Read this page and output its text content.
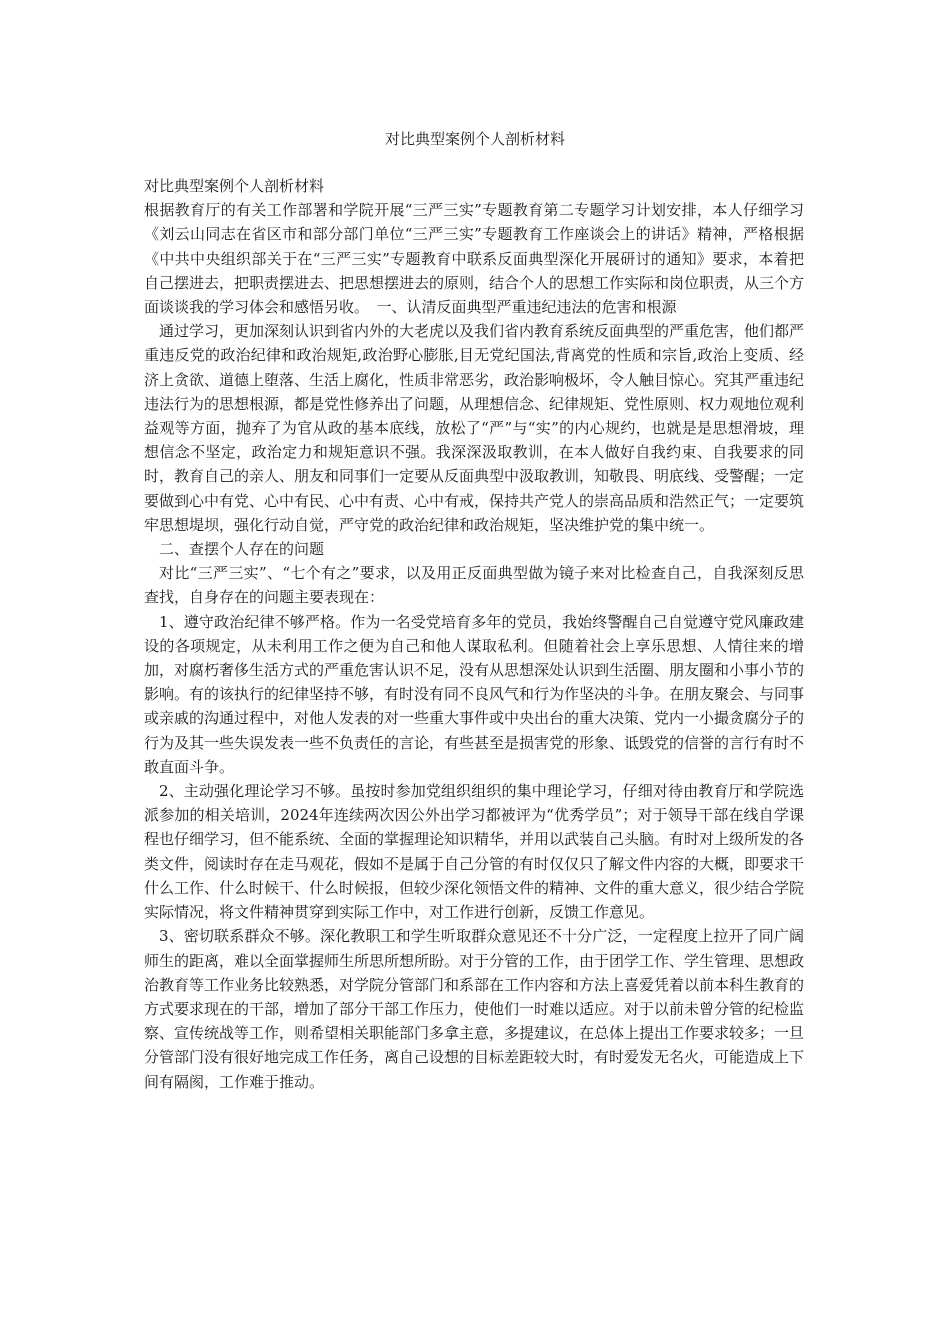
对比典型案例个人剖析材料

对比典型案例个人剖析材料

根据教育厅的有关工作部署和学院开展“三严三实”专题教育第二专题学习计划安排，本人仔细学习《刘云山同志在省区市和部分部门单位“三严三实”专题教育工作座谈会上的讲话》精神，严格根据《中共中央组织部关于在“三严三实”专题教育中联系反面典型深化开展研讨的通知》要求，本着把自己摆进去，把职责摆进去、把思想摆进去的原则，结合个人的思想工作实际和岗位职责，从三个方面谈谈我的学习体会和感悟另收。　一、认清反面典型严重违纪违法的危害和根源

通过学习，更加深刻认识到省内外的大老虎以及我们省内教育系统反面典型的严重危害，他们都严重违反党的政治纪律和政治规矩,政治野心膨胀,目无党纪国法,背离党的性质和宗旨,政治上变质、经济上贪欲、道德上堕落、生活上腐化，性质非常恶劣，政治影响极坏，令人触目惊心。究其严重违纪违法行为的思想根源，都是党性修养出了问题，从理想信念、纪律规矩、党性原则、权力观地位观利益观等方面，抛弃了为官从政的基本底线，放松了“严”与“实”的内心规约，也就是是思想滑坡，理想信念不坚定，政治定力和规矩意识不强。我深深汲取教训，在本人做好自我约束、自我要求的同时，教育自己的亲人、朋友和同事们一定要从反面典型中汲取教训，知敬畏、明底线、受警醒；一定要做到心中有党、心中有民、心中有责、心中有戒，保持共产党人的崇高品质和浩然正气；一定要筑牢思想堤坝，强化行动自觉，严守党的政治纪律和政治规矩，坚决维护党的集中统一。

二、查摆个人存在的问题

对比“三严三实”、“七个有之”要求，以及用正反面典型做为镜子来对比检查自己，自我深刻反思查找，自身存在的问题主要表现在：

1、遵守政治纪律不够严格。作为一名受党培育多年的党员，我始终警醒自己自觉遵守党风廉政建设的各项规定，从未利用工作之便为自己和他人谋取私利。但随着社会上享乐思想、人情往来的增加，对腐朽奢侈生活方式的严重危害认识不足，没有从思想深处认识到生活圈、朋友圈和小事小节的影响。有的该执行的纪律坚持不够，有时没有同不良风气和行为作坚决的斗争。在朋友聚会、与同事或亲戚的沟通过程中，对他人发表的对一些重大事件或中央出台的重大决策、党内一小撮贪腐分子的行为及其一些失误发表一些不负责任的言论，有些甚至是损害党的形象、诋毁党的信誉的言行有时不敢直面斗争。

2、主动强化理论学习不够。虽按时参加党组织组织的集中理论学习，仔细对待由教育厅和学院选派参加的相关培训，2024年连续两次因公外出学习都被评为“优秀学员”；对于领导干部在线自学课程也仔细学习，但不能系统、全面的掌握理论知识精华，并用以武装自己头脑。有时对上级所发的各类文件，阅读时存在走马观花，假如不是属于自己分管的有时仅仅只了解文件内容的大概，即要求干什么工作、什么时候干、什么时候报，但较少深化领悟文件的精神、文件的重大意义，很少结合学院实际情况，将文件精神贯穿到实际工作中，对工作进行创新，反馈工作意见。

3、密切联系群众不够。深化教职工和学生听取群众意见还不十分广泛，一定程度上拉开了同广阔师生的距离，难以全面掌握师生所思所想所盼。对于分管的工作，由于团学工作、学生管理、思想政治教育等工作业务比较熟悉，对学院分管部门和系部在工作内容和方法上喜爱凭着以前本科生教育的方式要求现在的干部，增加了部分干部工作压力，使他们一时难以适应。对于以前未曾分管的纪检监察、宣传统战等工作，则希望相关职能部门多拿主意，多提建议，在总体上提出工作要求较多；一旦分管部门没有很好地完成工作任务，离自己设想的目标差距较大时，有时爱发无名火，可能造成上下间有隔阂，工作难于推动。
